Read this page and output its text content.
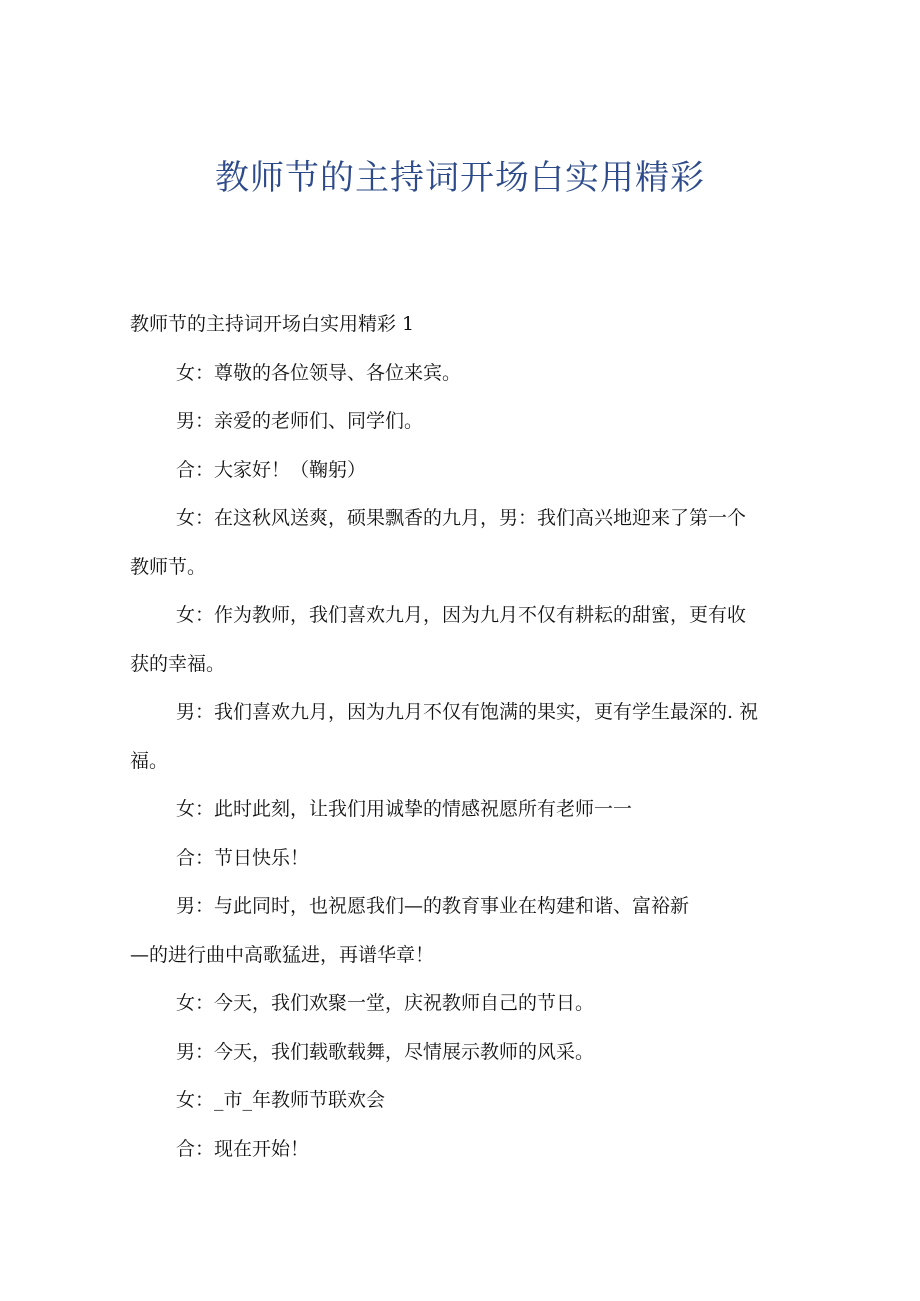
教师节的主持词开场白实用精彩
教师节的主持词开场白实用精彩 1
女：尊敬的各位领导、各位来宾。
男：亲爱的老师们、同学们。
合：大家好！（鞠躬）
女：在这秋风送爽，硕果飘香的九月，男：我们高兴地迎来了第一个
教师节。
女：作为教师，我们喜欢九月，因为九月不仅有耕耘的甜蜜，更有收
获的幸福。
男：我们喜欢九月，因为九月不仅有饱满的果实，更有学生最深的. 祝
福。
女：此时此刻，让我们用诚挚的情感祝愿所有老师一一
合：节日快乐！
男：与此同时，也祝愿我们—的教育事业在构建和谐、富裕新
—的进行曲中高歌猛进，再谱华章！
女：今天，我们欢聚一堂，庆祝教师自己的节日。
男：今天，我们载歌载舞，尽情展示教师的风采。
女：_市_年教师节联欢会
合：现在开始！
